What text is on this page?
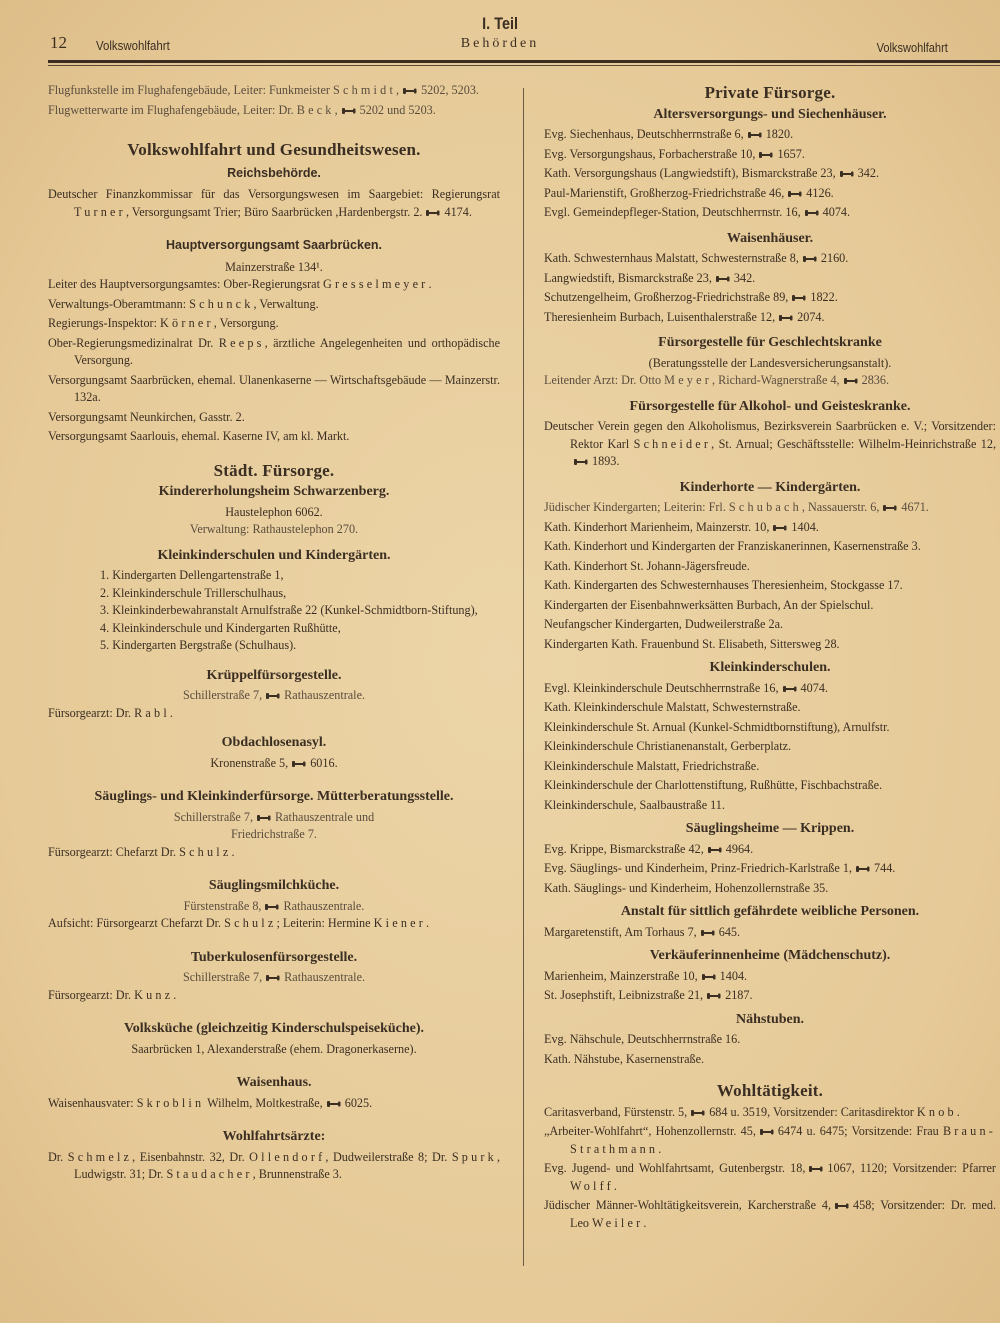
12 Volkswohlfahrt
I. Teil
Behörden	Volkswohlfahrt

Flugfunkstelle im Flughafengebäude, Leiter: Funkmeister Schmidt, 5202, 5203.

Flugwetterwarte im Flughafengebäude, Leiter: Dr. Beck, 5202 und 5203.

Volkswohlfahrt und Gesundheitswesen.
Reichsbehörde.

Deutscher Finanzkommissar für das Versorgungswesen im Saargebiet: Regierungsrat Turner, Versorgungsamt Trier; Büro Saarbrücken ,Hardenbergstr. 2. 4174.

Hauptversorgungsamt Saarbrücken.

Mainzerstraße 134¹.

Leiter des Hauptversorgungsamtes: Ober-Regierungsrat Gresselmeyer.

Verwaltungs-Oberamtmann: Schunck, Verwaltung.

Regierungs-Inspektor: Körner, Versorgung.

Ober-Regierungsmedizinalrat Dr. Reeps, ärztliche Angelegenheiten und orthopädische Versorgung.

Versorgungsamt Saarbrücken, ehemal. Ulanenkaserne — Wirtschaftsgebäude — Mainzerstr. 132a.

Versorgungsamt Neunkirchen, Gasstr. 2.

Versorgungsamt Saarlouis, ehemal. Kaserne IV, am kl. Markt.

Städt. Fürsorge.
Kindererholungsheim Schwarzenberg.

Haustelephon 6062.

Verwaltung: Rathaustelephon 270.

Kleinkinderschulen und Kindergärten.
1. Kindergarten Dellengartenstraße 1,
2. Kleinkinderschule Trillerschulhaus,
3. Kleinkinderbewahranstalt Arnulfstraße 22 (Kunkel-Schmidtborn-Stiftung),
4. Kleinkinderschule und Kindergarten Rußhütte,
5. Kindergarten Bergstraße (Schulhaus).
Krüppelfürsorgestelle.

Schillerstraße 7, Rathauszentrale.

Fürsorgearzt: Dr. Rabl.

Obdachlosenasyl.

Kronenstraße 5, 6016.

Säuglings- und Kleinkinderfürsorge. Mütterberatungsstelle.

Schillerstraße 7, Rathauszentrale und

Friedrichstraße 7.

Fürsorgearzt: Chefarzt Dr. Schulz.

Säuglingsmilchküche.

Fürstenstraße 8, Rathauszentrale.

Aufsicht: Fürsorgearzt Chefarzt Dr. Schulz; Leiterin: Hermine Kiener.

Tuberkulosenfürsorgestelle.

Schillerstraße 7, Rathauszentrale.

Fürsorgearzt: Dr. Kunz.

Volksküche (gleichzeitig Kinderschulspeiseküche).

Saarbrücken 1, Alexanderstraße (ehem. Dragonerkaserne).

Waisenhaus.

Waisenhausvater: Skroblin Wilhelm, Moltkestraße, 6025.

Wohlfahrtsärzte:

Dr. Schmelz, Eisenbahnstr. 32, Dr. Ollendorf, Dudweilerstraße 8; Dr. Spurk, Ludwigstr. 31; Dr. Staudacher, Brunnenstraße 3.

Private Fürsorge.
Altersversorgungs- und Siechenhäuser.

Evg. Siechenhaus, Deutschherrnstraße 6, 1820.

Evg. Versorgungshaus, Forbacherstraße 10, 1657.

Kath. Versorgungshaus (Langwiedstift), Bismarckstraße 23, 342.

Paul-Marienstift, Großherzog-Friedrichstraße 46, 4126.

Evgl. Gemeindepfleger-Station, Deutschherrnstr. 16, 4074.

Waisenhäuser.

Kath. Schwesternhaus Malstatt, Schwesternstraße 8, 2160.

Langwiedstift, Bismarckstraße 23, 342.

Schutzengelheim, Großherzog-Friedrichstraße 89, 1822.

Theresienheim Burbach, Luisenthalerstraße 12, 2074.

Fürsorgestelle für Geschlechtskranke

(Beratungsstelle der Landesversicherungsanstalt).

Leitender Arzt: Dr. Otto Meyer, Richard-Wagnerstraße 4, 2836.

Fürsorgestelle für Alkohol- und Geisteskranke.

Deutscher Verein gegen den Alkoholismus, Bezirksverein Saarbrücken e. V.; Vorsitzender: Rektor Karl Schneider, St. Arnual; Geschäftsstelle: Wilhelm-Heinrichstraße 12,1893.

Kinderhorte — Kindergärten.

Jüdischer Kindergarten; Leiterin: Frl. Schubach, Nassauerstr. 6, 4671.

Kath. Kinderhort Marienheim, Mainzerstr. 10, 1404.

Kath. Kinderhort und Kindergarten der Franziskanerinnen, Kasernenstraße 3.

Kath. Kinderhort St. Johann-Jägersfreude.

Kath. Kindergarten des Schwesternhauses Theresienheim, Stockgasse 17.

Kindergarten der Eisenbahnwerksätten Burbach, An der Spielschul.

Neufangscher Kindergarten, Dudweilerstraße 2a.

Kindergarten Kath. Frauenbund St. Elisabeth, Sittersweg 28.

Kleinkinderschulen.

Evgl. Kleinkinderschule Deutschherrnstraße 16, 4074.

Kath. Kleinkinderschule Malstatt, Schwesternstraße.

Kleinkinderschule St. Arnual (Kunkel-Schmidtbornstiftung), Arnulfstr.

Kleinkinderschule Christianenanstalt, Gerberplatz.

Kleinkinderschule Malstatt, Friedrichstraße.

Kleinkinderschule der Charlottenstiftung, Rußhütte, Fischbachstraße.

Kleinkinderschule, Saalbaustraße 11.

Säuglingsheime — Krippen.

Evg. Krippe, Bismarckstraße 42, 4964.

Evg. Säuglings- und Kinderheim, Prinz-Friedrich-Karlstraße 1, 744.

Kath. Säuglings- und Kinderheim, Hohenzollernstraße 35.

Anstalt für sittlich gefährdete weibliche Personen.

Margaretenstift, Am Torhaus 7, 645.

Verkäuferinnenheime (Mädchenschutz).

Marienheim, Mainzerstraße 10, 1404.

St. Josephstift, Leibnizstraße 21, 2187.

Nähstuben.

Evg. Nähschule, Deutschherrnstraße 16.

Kath. Nähstube, Kasernenstraße.

Wohltätigkeit.

Caritasverband, Fürstenstr. 5, 684 u. 3519, Vorsitzender: Caritasdirektor Knob.

„Arbeiter-Wohlfahrt“, Hohenzollernstr. 45, 6474 u. 6475; Vorsitzende: Frau Braun-Strathmann.

Evg. Jugend- und Wohlfahrtsamt, Gutenbergstr. 18, 1067, 1120; Vorsitzender: Pfarrer Wolff.

Jüdischer Männer-Wohltätigkeitsverein, Karcherstraße 4, 458; Vorsitzender: Dr. med. Leo Weiler.
